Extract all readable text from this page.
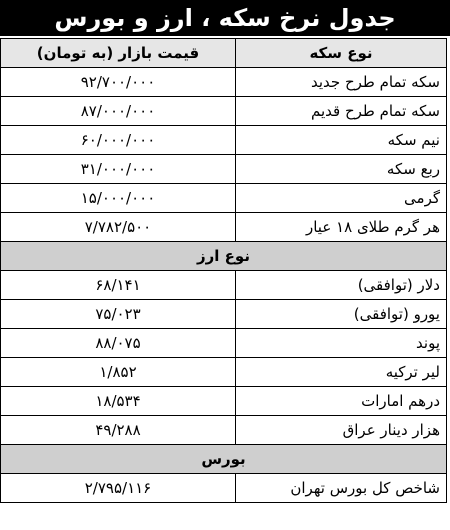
جدول نرخ سکه ، ارز و بورس
نوع سکه	قیمت بازار (به تومان)
سکه تمام طرح جدید	۹۲/۷۰۰/۰۰۰
سکه تمام طرح قدیم	۸۷/۰۰۰/۰۰۰
نیم سکه	۶۰/۰۰۰/۰۰۰
ربع سکه	۳۱/۰۰۰/۰۰۰
گرمی	۱۵/۰۰۰/۰۰۰
هر گرم طلای ۱۸ عیار	۷/۷۸۲/۵۰۰
نوع ارز	
دلار (توافقی)	۶۸/۱۴۱
یورو (توافقی)	۷۵/۰۲۳
پوند	۸۸/۰۷۵
لیر ترکیه	۱/۸۵۲
درهم امارات	۱۸/۵۳۴
هزار دینار عراق	۴۹/۲۸۸
بورس	
شاخص کل بورس تهران	۲/۷۹۵/۱۱۶
